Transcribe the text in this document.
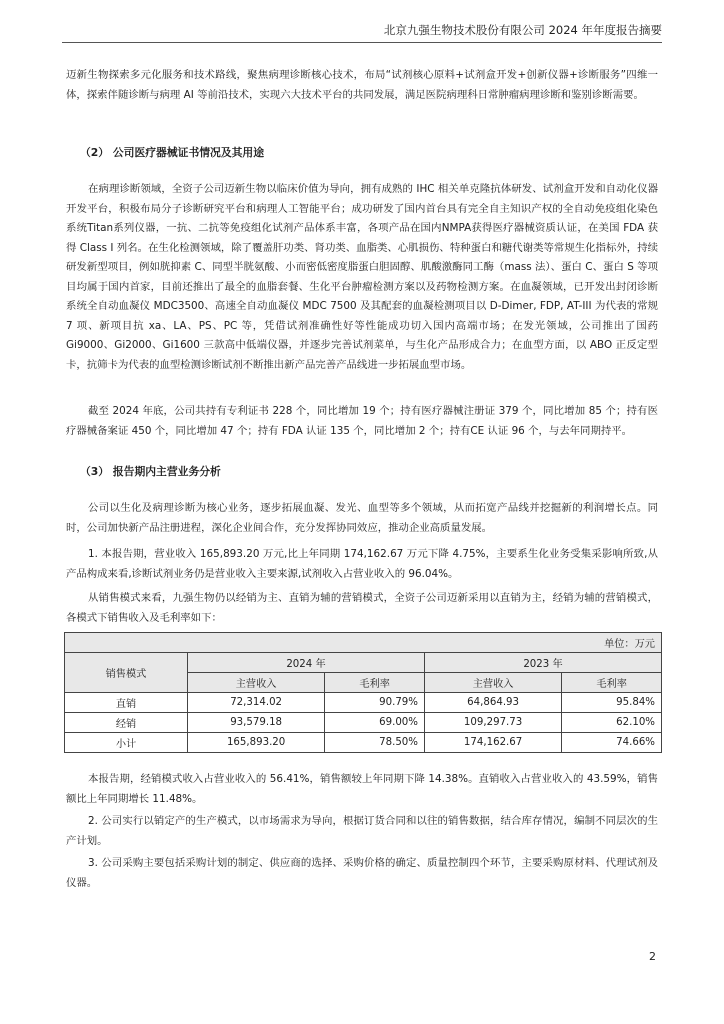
北京九强生物技术股份有限公司 2024 年年度报告摘要

迈新生物探索多元化服务和技术路线，聚焦病理诊断核心技术，布局“试剂核心原料+试剂盒开发+创新仪器+诊断服务”四维一体，探索伴随诊断与病理 AI 等前沿技术，实现六大技术平台的共同发展，满足医院病理科日常肿瘤病理诊断和鉴别诊断需要。

（2） 公司医疗器械证书情况及其用途

在病理诊断领域，全资子公司迈新生物以临床价值为导向，拥有成熟的 IHC 相关单克隆抗体研发、试剂盒开发和自动化仪器开发平台，积极布局分子诊断研究平台和病理人工智能平台；成功研发了国内首台具有完全自主知识产权的全自动免疫组化染色系统Titan系列仪器，一抗、二抗等免疫组化试剂产品体系丰富，各项产品在国内NMPA获得医疗器械资质认证，在美国 FDA 获得 Class I 列名。在生化检测领域，除了覆盖肝功类、肾功类、血脂类、心肌损伤、特种蛋白和糖代谢类等常规生化指标外，持续研发新型项目，例如胱抑素 C、同型半胱氨酸、小而密低密度脂蛋白胆固醇、肌酸激酶同工酶（mass 法）、蛋白 C、蛋白 S 等项目均属于国内首家，目前还推出了最全的血脂套餐、生化平台肿瘤检测方案以及药物检测方案。在血凝领域，已开发出封闭诊断系统全自动血凝仪 MDC3500、高速全自动血凝仪 MDC 7500 及其配套的血凝检测项目以 D-Dimer, FDP, AT-III 为代表的常规 7 项、新项目抗 xa、LA、PS、PC 等，凭借试剂准确性好等性能成功切入国内高端市场；在发光领域，公司推出了国药 Gi9000、Gi2000、Gi1600 三款高中低端仪器，并逐步完善试剂菜单，与生化产品形成合力；在血型方面，以 ABO 正反定型卡，抗筛卡为代表的血型检测诊断试剂不断推出新产品完善产品线进一步拓展血型市场。

截至 2024 年底，公司共持有专利证书 228 个，同比增加 19 个；持有医疗器械注册证 379 个，同比增加 85 个；持有医疗器械备案证 450 个，同比增加 47 个；持有 FDA 认证 135 个，同比增加 2 个；持有CE 认证 96 个，与去年同期持平。

（3） 报告期内主营业务分析

公司以生化及病理诊断为核心业务，逐步拓展血凝、发光、血型等多个领域，从而拓宽产品线并挖掘新的利润增长点。同时，公司加快新产品注册进程，深化企业间合作，充分发挥协同效应，推动企业高质量发展。

1. 本报告期，营业收入 165,893.20 万元,比上年同期 174,162.67 万元下降 4.75%，主要系生化业务受集采影响所致,从产品构成来看,诊断试剂业务仍是营业收入主要来源,试剂收入占营业收入的 96.04%。

从销售模式来看，九强生物仍以经销为主、直销为辅的营销模式，全资子公司迈新采用以直销为主，经销为辅的营销模式，各模式下销售收入及毛利率如下：

单位：万元				
销售模式	2024 年		2023 年	
	主营收入	毛利率	主营收入	毛利率
直销	72,314.02	90.79%	64,864.93	95.84%
经销	93,579.18	69.00%	109,297.73	62.10%
小计	165,893.20	78.50%	174,162.67	74.66%

本报告期，经销模式收入占营业收入的 56.41%，销售额较上年同期下降 14.38%。直销收入占营业收入的 43.59%，销售额比上年同期增长 11.48%。

2. 公司实行以销定产的生产模式，以市场需求为导向，根据订货合同和以往的销售数据，结合库存情况，编制不同层次的生产计划。

3. 公司采购主要包括采购计划的制定、供应商的选择、采购价格的确定、质量控制四个环节，主要采购原材料、代理试剂及仪器。

2
